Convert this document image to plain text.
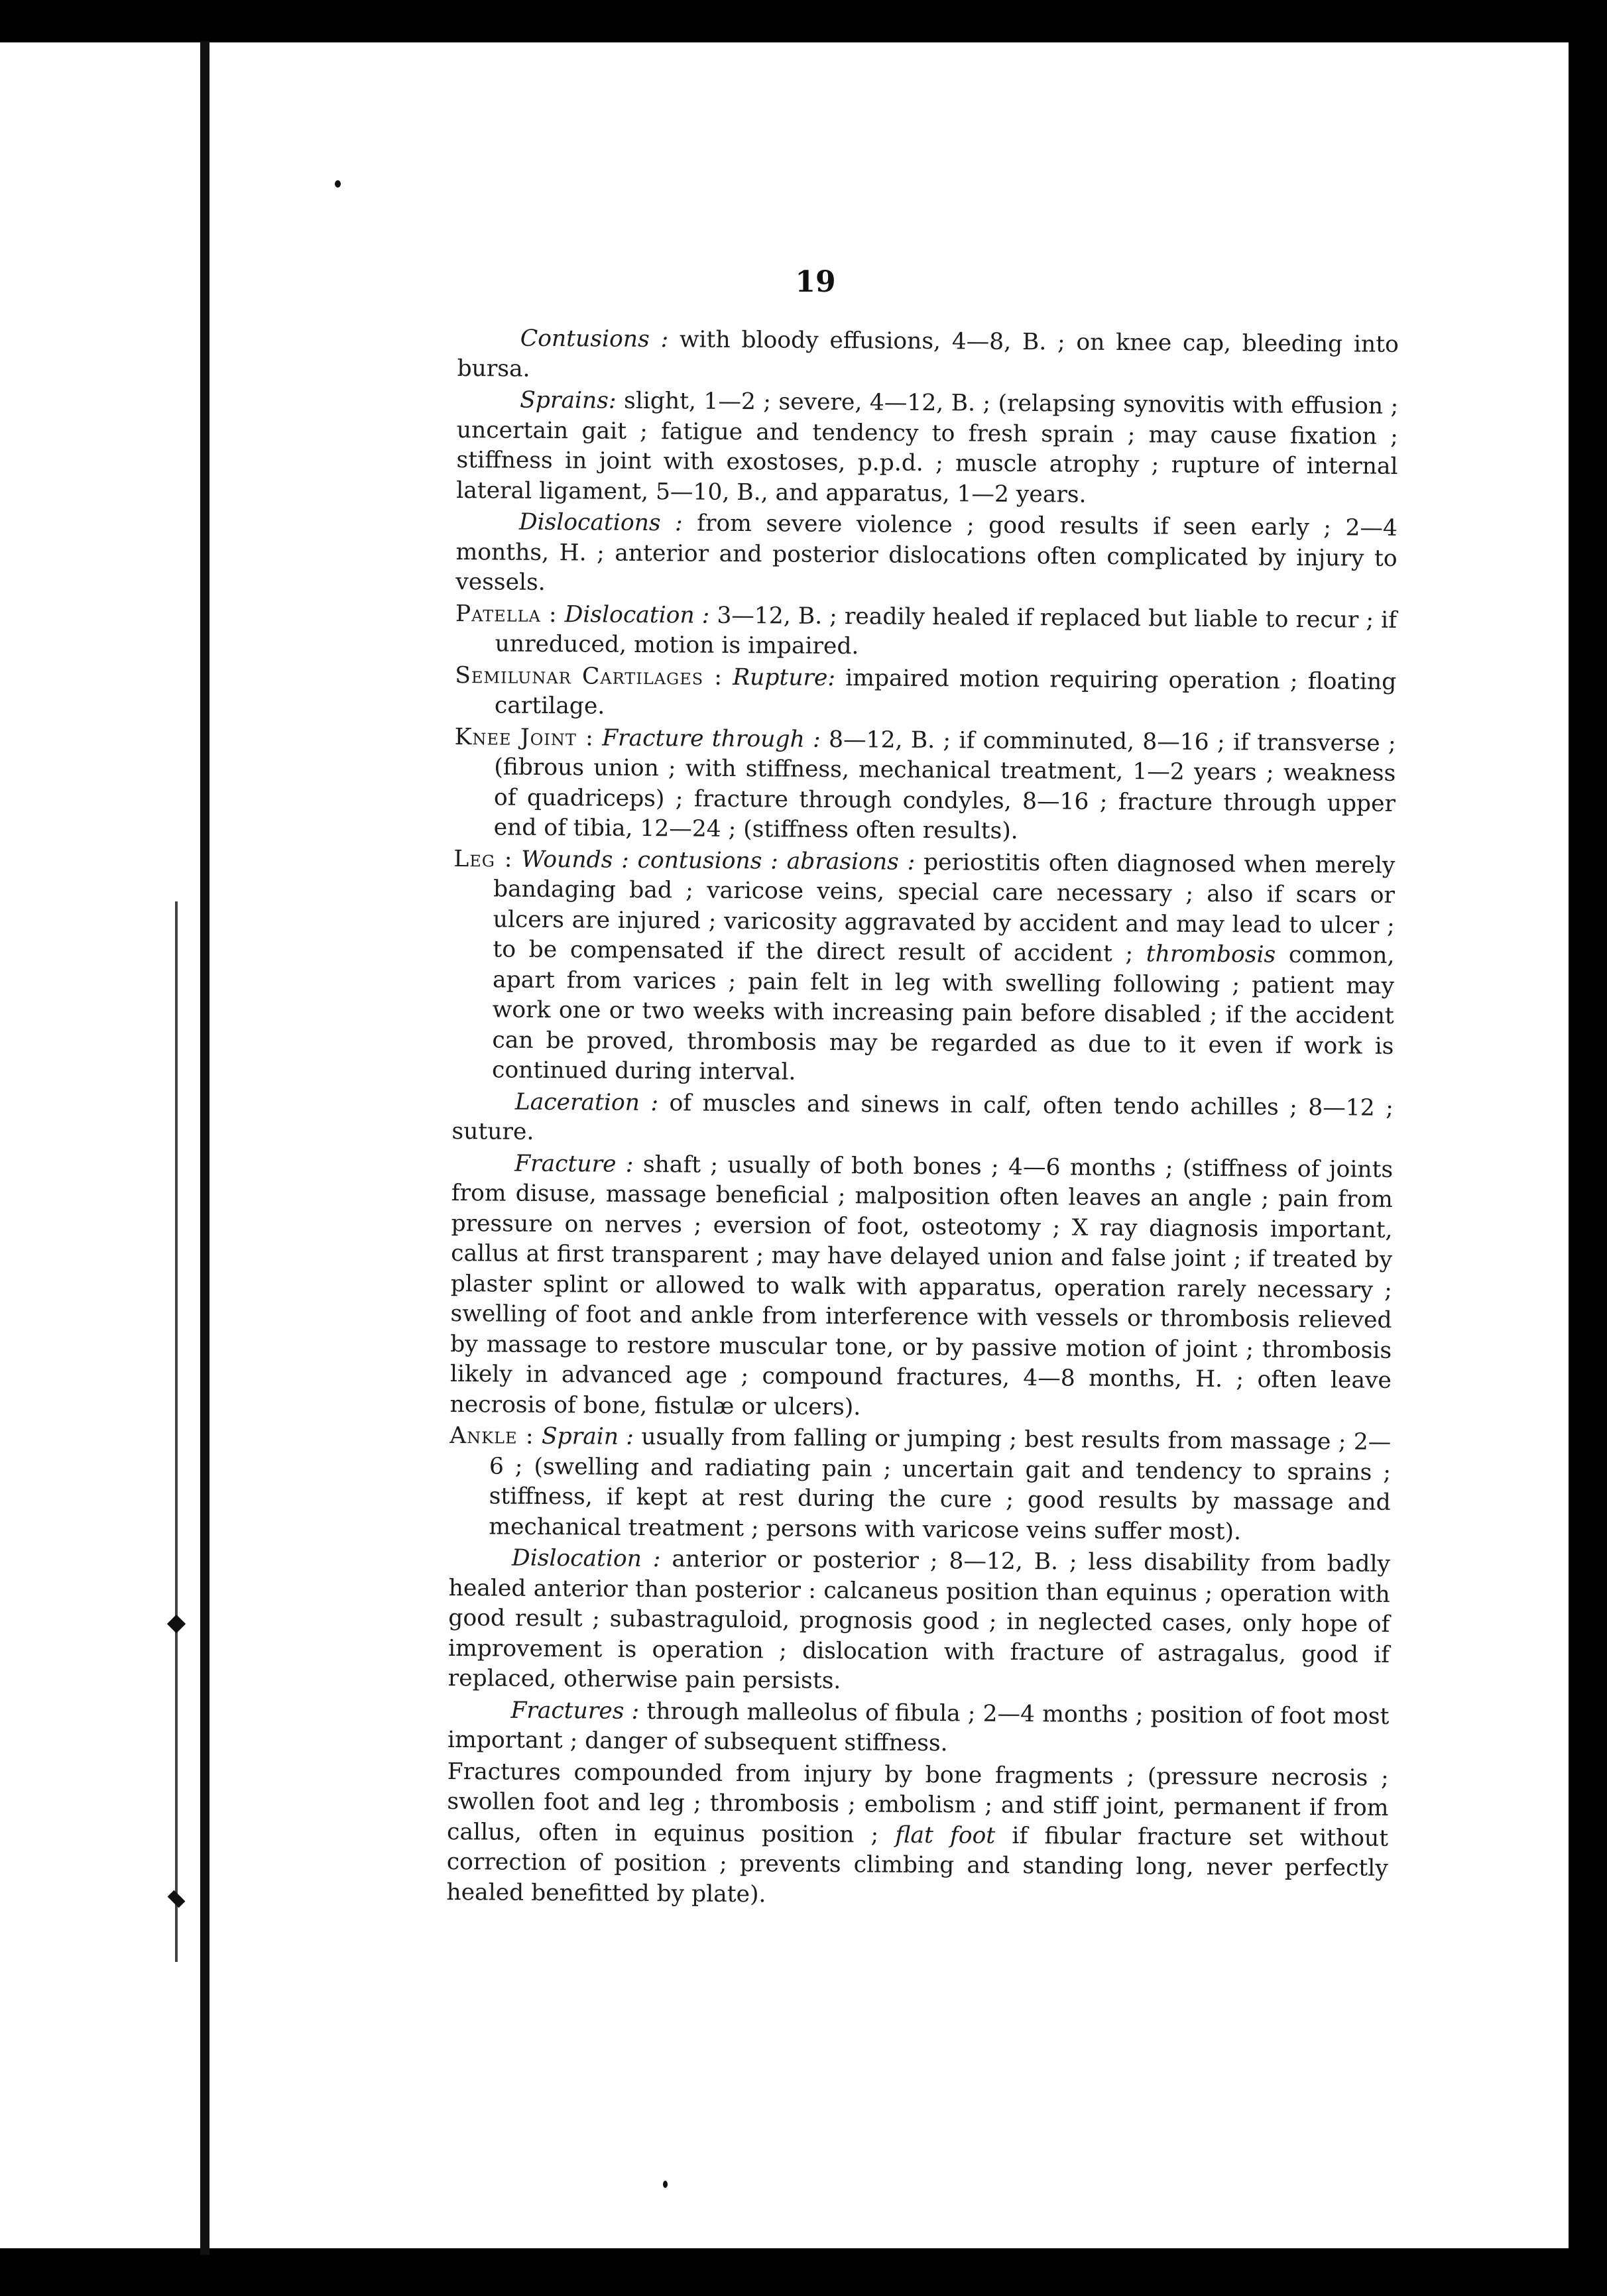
19

Contusions : with bloody effusions, 4—8, B. ; on knee cap, bleeding into bursa.

Sprains: slight, 1—2 ; severe, 4—12, B. ; (relapsing synovitis with effusion ; uncertain gait ; fatigue and tendency to fresh sprain ; may cause fixation ; stiffness in joint with exostoses, p.p.d. ; muscle atrophy ; rupture of internal lateral ligament, 5—10, B., and apparatus, 1—2 years.

Dislocations : from severe violence ; good results if seen early ; 2—4 months, H. ; anterior and posterior dislocations often complicated by injury to vessels.

Patella : Dislocation : 3—12, B. ; readily healed if replaced but liable to recur ; if unreduced, motion is impaired.

Semilunar Cartilages : Rupture: impaired motion requiring operation ; floating cartilage.

Knee Joint : Fracture through : 8—12, B. ; if comminuted, 8—16 ; if transverse ; (fibrous union ; with stiffness, mechanical treatment, 1—2 years ; weakness of quadriceps) ; fracture through condyles, 8—16 ; fracture through upper end of tibia, 12—24 ; (stiffness often results).

Leg : Wounds : contusions : abrasions : periostitis often diagnosed when merely bandaging bad ; varicose veins, special care necessary ; also if scars or ulcers are injured ; varicosity aggravated by accident and may lead to ulcer ; to be compensated if the direct result of accident ; thrombosis common, apart from varices ; pain felt in leg with swelling following ; patient may work one or two weeks with increasing pain before disabled ; if the accident can be proved, thrombosis may be regarded as due to it even if work is continued during interval.

Laceration : of muscles and sinews in calf, often tendo achilles ; 8—12 ; suture.

Fracture : shaft ; usually of both bones ; 4—6 months ; (stiffness of joints from disuse, massage beneficial ; malposition often leaves an angle ; pain from pressure on nerves ; eversion of foot, osteotomy ; X ray diagnosis important, callus at first transparent ; may have delayed union and false joint ; if treated by plaster splint or allowed to walk with apparatus, operation rarely necessary ; swelling of foot and ankle from interference with vessels or thrombosis relieved by massage to restore muscular tone, or by passive motion of joint ; thrombosis likely in advanced age ; compound fractures, 4—8 months, H. ; often leave necrosis of bone, fistulæ or ulcers).

Ankle : Sprain : usually from falling or jumping ; best results from massage ; 2—6 ; (swelling and radiating pain ; uncertain gait and tendency to sprains ; stiffness, if kept at rest during the cure ; good results by massage and mechanical treatment ; persons with varicose veins suffer most).

Dislocation : anterior or posterior ; 8—12, B. ; less disability from badly healed anterior than posterior : calcaneus position than equinus ; operation with good result ; subastraguloid, prognosis good ; in neglected cases, only hope of improvement is operation ; dislocation with fracture of astragalus, good if replaced, otherwise pain persists.

Fractures : through malleolus of fibula ; 2—4 months ; position of foot most important ; danger of subsequent stiffness.

Fractures compounded from injury by bone fragments ; (pressure necrosis ; swollen foot and leg ; thrombosis ; embolism ; and stiff joint, permanent if from callus, often in equinus position ; flat foot if fibular fracture set without correction of position ; prevents climbing and standing long, never perfectly healed benefitted by plate).
